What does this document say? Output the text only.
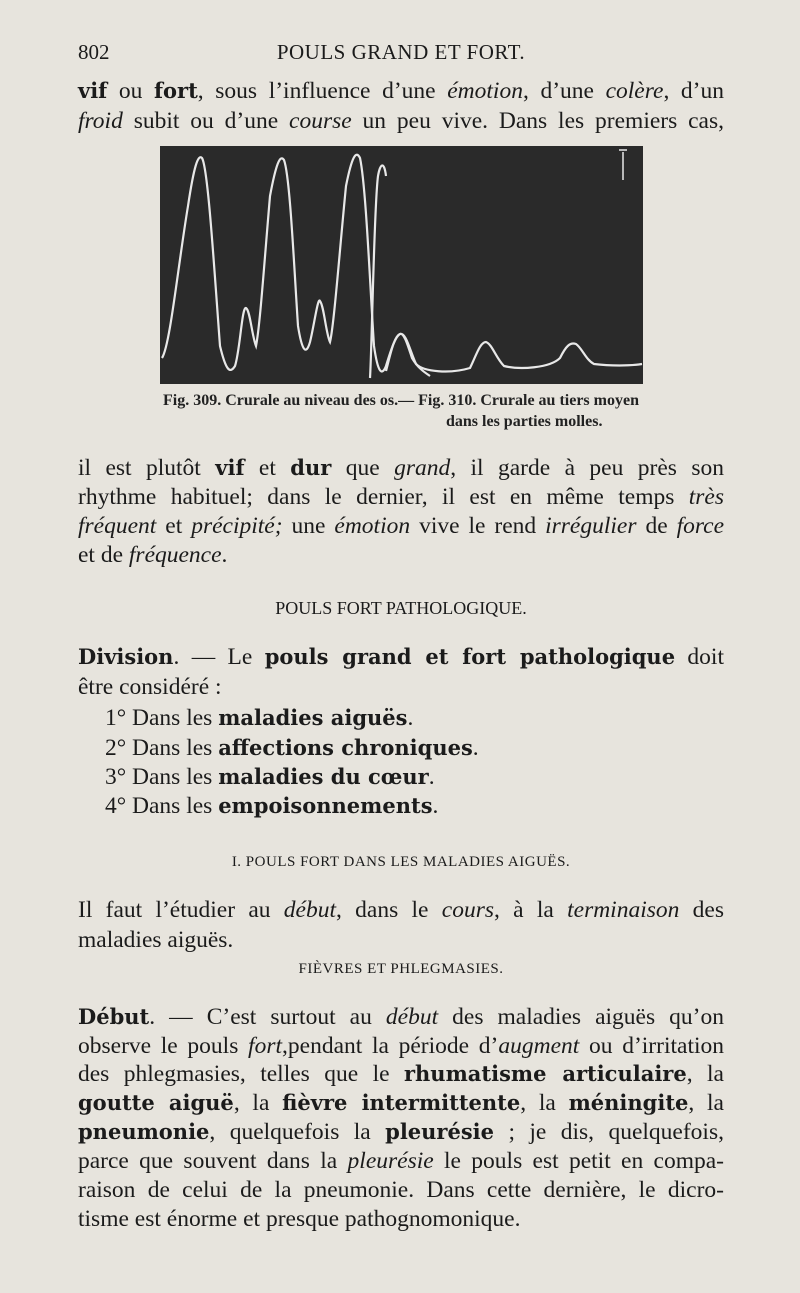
802	POULS GRAND ET FORT.
vif ou fort, sous l’influence d’une émotion, d’une colère, d’un
froid subit ou d’une course un peu vive. Dans les premiers cas,
Fig. 309. Crurale au niveau des os.— Fig. 310. Crurale au tiers moyen
dans les parties molles.
il est plutôt vif et dur que grand, il garde à peu près son
rhythme habituel; dans le dernier, il est en même temps très
fréquent et précipité; une émotion vive le rend irrégulier de force
et de fréquence.
POULS FORT PATHOLOGIQUE.
Division. — Le pouls grand et fort pathologique doit
être considéré :
1° Dans les maladies aiguës.
2° Dans les affections chroniques.
3° Dans les maladies du cœur.
4° Dans les empoisonnements.
I. POULS FORT DANS LES MALADIES AIGUËS.
Il faut l’étudier au début, dans le cours, à la terminaison des
maladies aiguës.
FIÈVRES ET PHLEGMASIES.
Début. — C’est surtout au début des maladies aiguës qu’on
observe le pouls fort,pendant la période d’augment ou d’irritation
des phlegmasies, telles que le rhumatisme articulaire, la
goutte aiguë, la fièvre intermittente, la méningite, la
pneumonie, quelquefois la pleurésie ; je dis, quelquefois,
parce que souvent dans la pleurésie le pouls est petit en compa-
raison de celui de la pneumonie. Dans cette dernière, le dicro-
tisme est énorme et presque pathognomonique.
